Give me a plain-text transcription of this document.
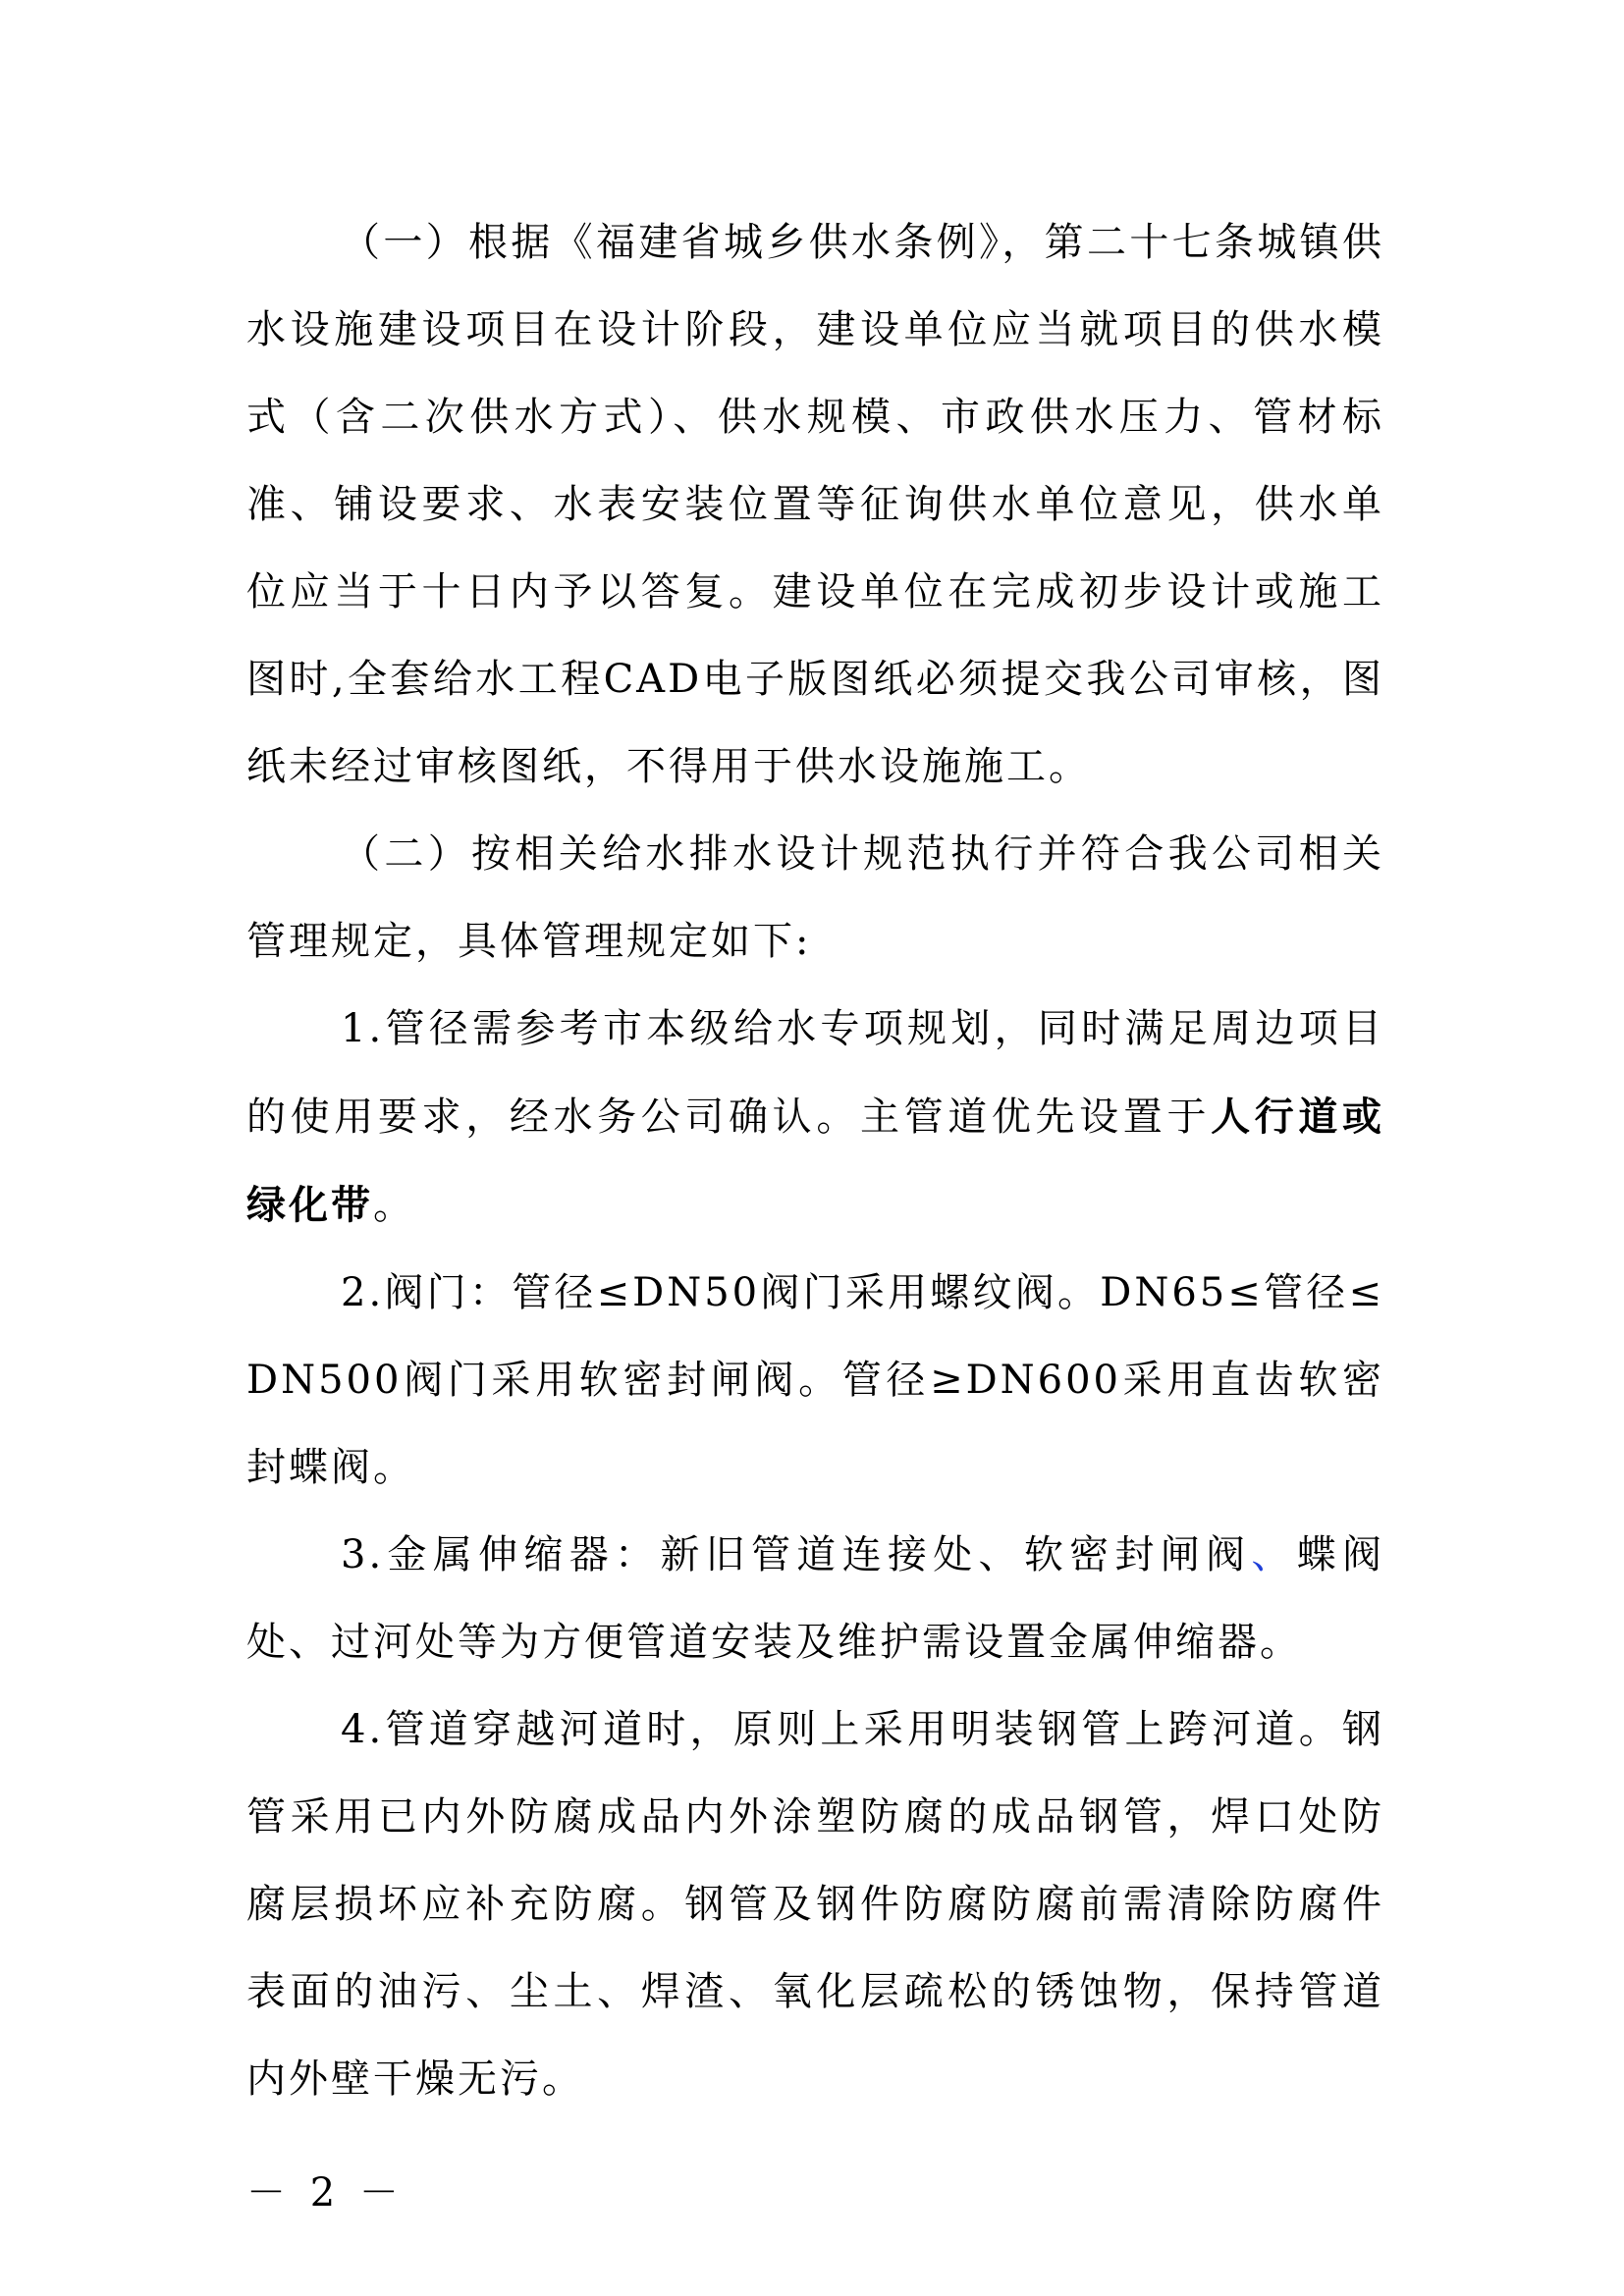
（一）根据《福建省城乡供水条例》，第二十七条城镇供水设施建设项目在设计阶段，建设单位应当就项目的供水模式（含二次供水方式）、供水规模、市政供水压力、管材标准、铺设要求、水表安装位置等征询供水单位意见，供水单位应当于十日内予以答复。建设单位在完成初步设计或施工图时,全套给水工程CAD电子版图纸必须提交我公司审核，图纸未经过审核图纸，不得用于供水设施施工。

（二）按相关给水排水设计规范执行并符合我公司相关管理规定，具体管理规定如下:

1.管径需参考市本级给水专项规划，同时满足周边项目的使用要求，经水务公司确认。主管道优先设置于人行道或绿化带。

2.阀门：管径≤DN50阀门采用螺纹阀。DN65≤管径≤DN500阀门采用软密封闸阀。管径≥DN600采用直齿软密封蝶阀。

3.金属伸缩器：新旧管道连接处、软密封闸阀、蝶阀处、过河处等为方便管道安装及维护需设置金属伸缩器。

4.管道穿越河道时，原则上采用明装钢管上跨河道。钢管采用已内外防腐成品内外涂塑防腐的成品钢管，焊口处防腐层损坏应补充防腐。钢管及钢件防腐防腐前需清除防腐件表面的油污、尘土、焊渣、氧化层疏松的锈蚀物，保持管道内外壁干燥无污。

－ 2 －
